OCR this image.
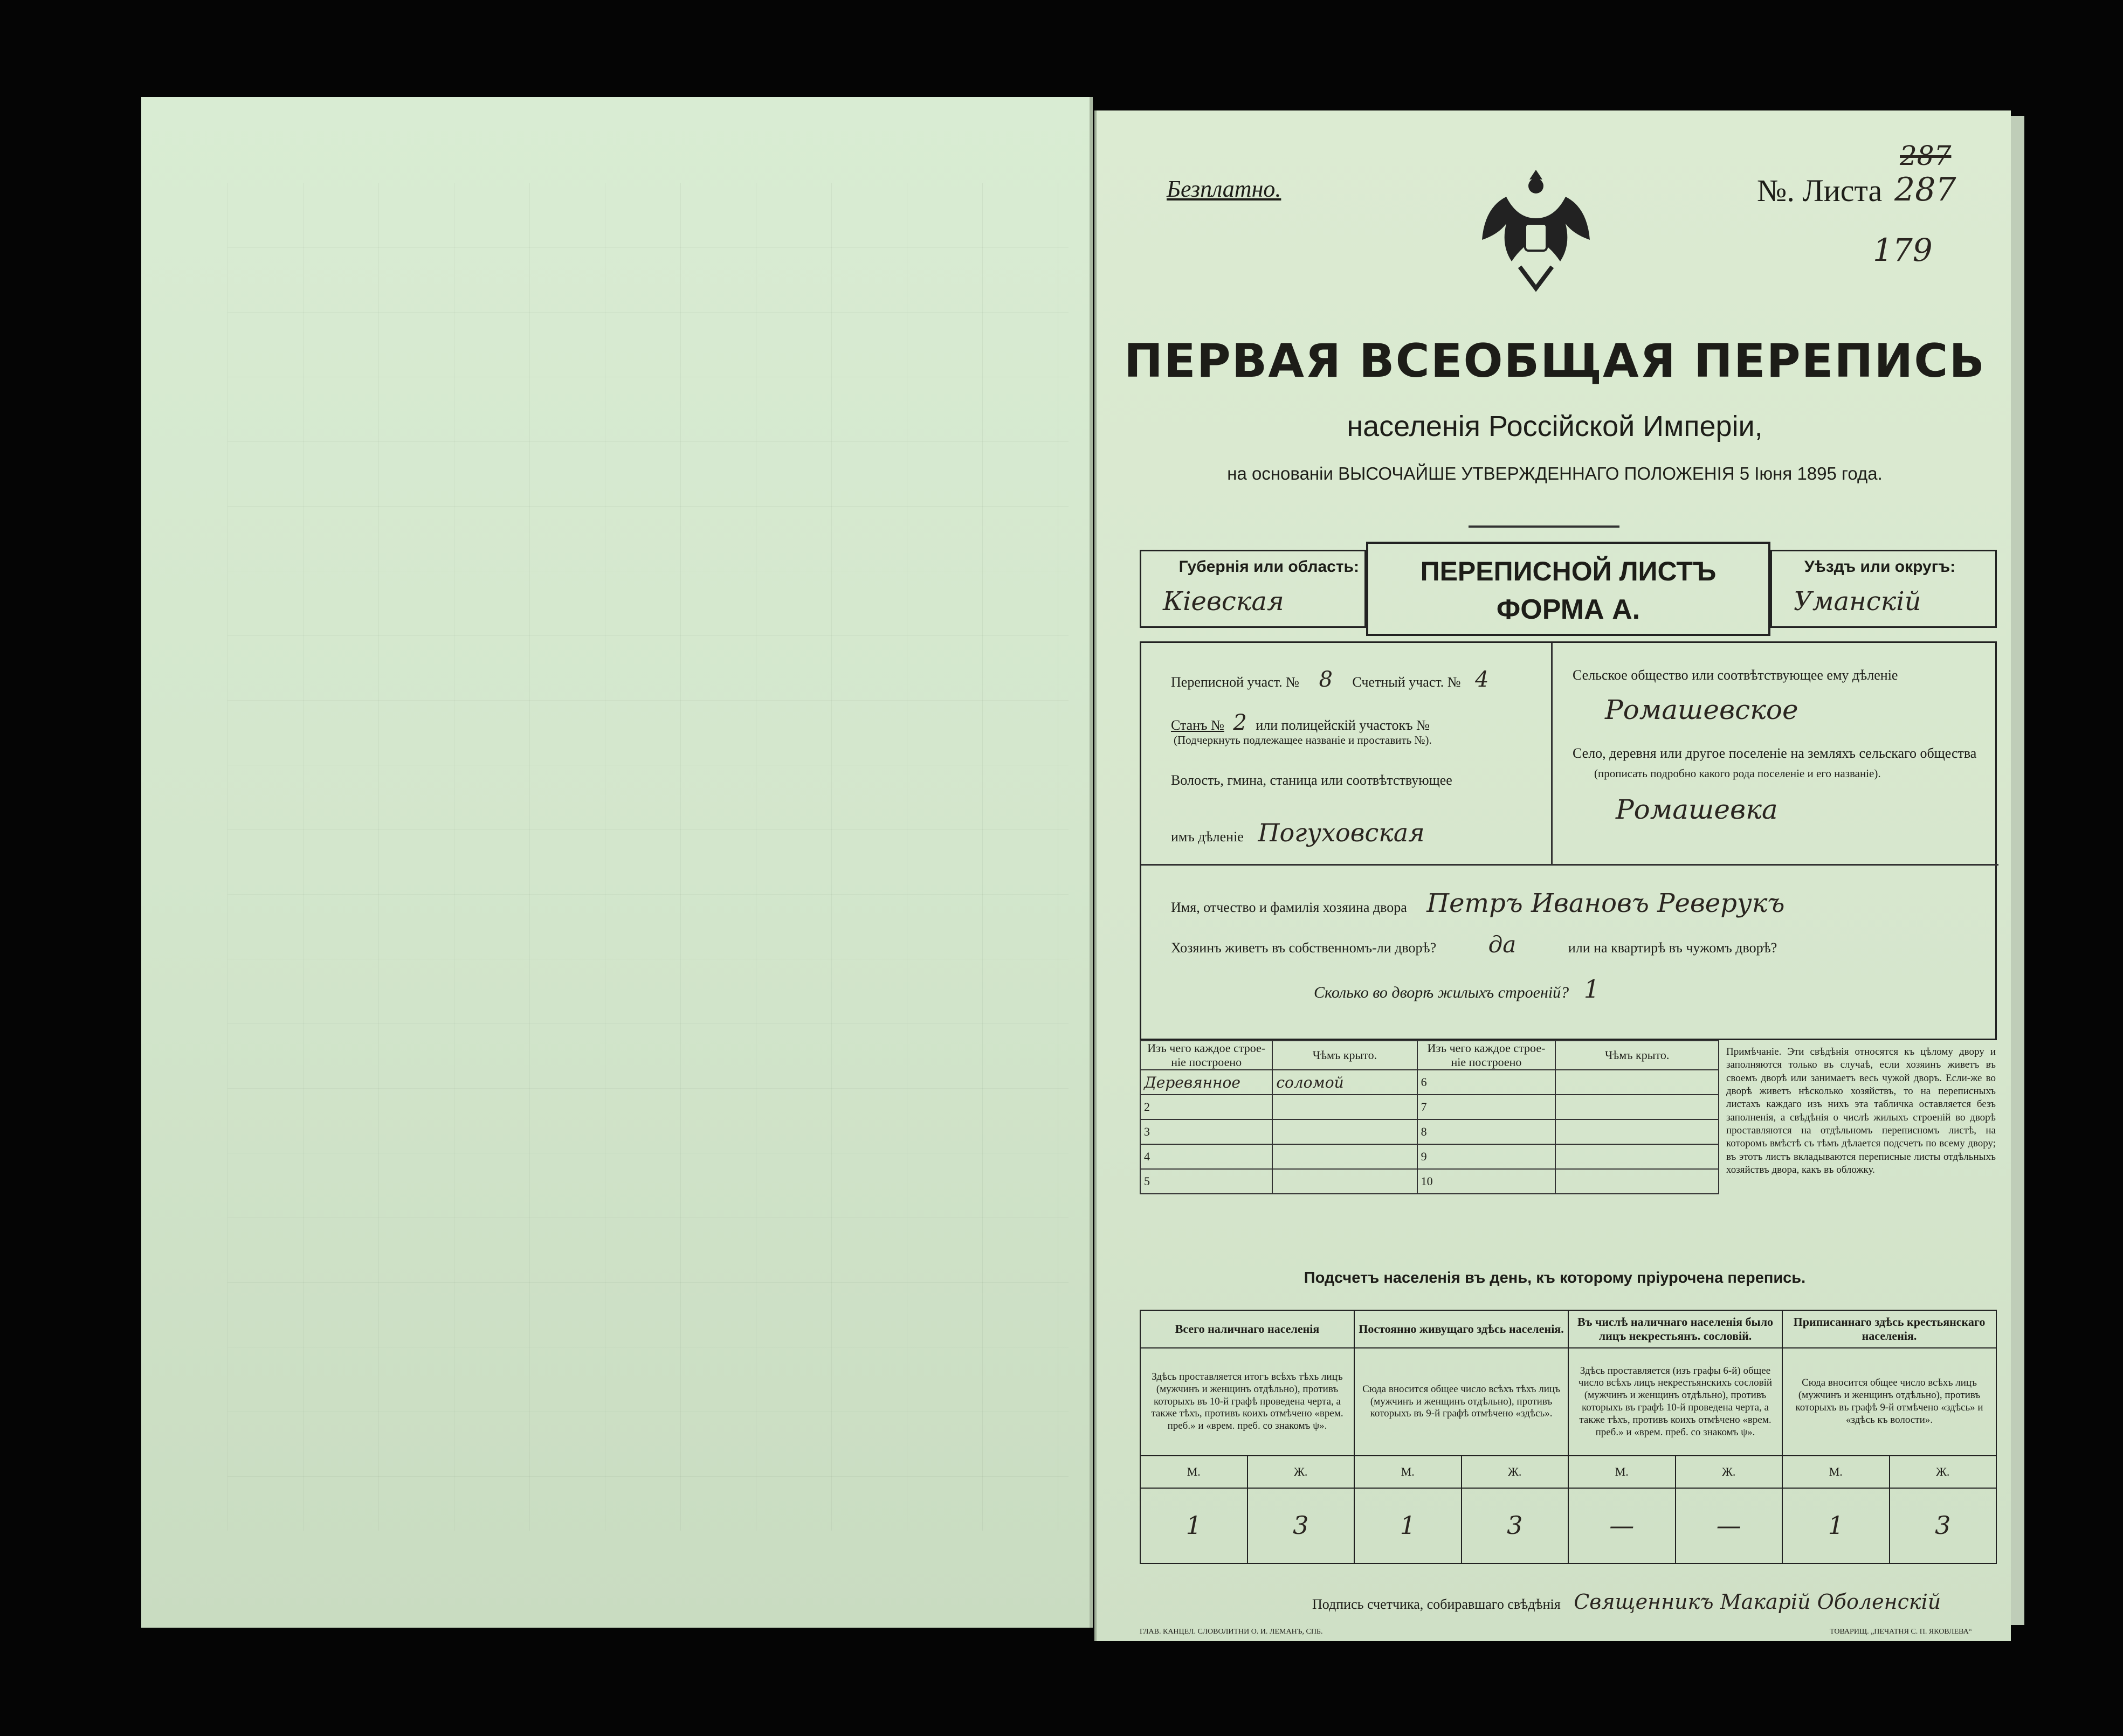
Безплатно.	№. Листа
287
287
179
ПЕРВАЯ ВСЕОБЩАЯ ПЕРЕПИСЬ
населенія Россійской Имперіи,
на основаніи ВЫСОЧАЙШЕ УТВЕРЖДЕННАГО ПОЛОЖЕНІЯ 5 Іюня 1895 года.
Губернія или область:
Кіевская
ПЕРЕПИСНОЙ ЛИСТЪ
ФОРМА А.
Уѣздъ или округъ:
Уманскій
Переписной участ. № 8 Счетный участ. № 4
Станъ № 2 или полицейскій участокъ №
(Подчеркнуть подлежащее названіе и проставить №).
Волость, гмина, станица или соотвѣтствующее
имъ дѣленіе Погуховская
Сельское общество или соотвѣтствующее ему дѣленіе
Ромашевское
Село, деревня или другое поселеніе на земляхъ сельскаго общества
(прописать подробно какого рода поселеніе и его названіе).
Ромашевка
Имя, отчество и фамилія хозяина двора Петръ Ивановъ Реверукъ
Хозяинъ живетъ въ собственномъ-ли дворѣ? да	или на квартирѣ въ чужомъ дворѣ?
Сколько во дворѣ жилыхъ строеній? 1
Изъ чего каждое строе-ніе построено	Чѣмъ крыто.	Изъ чего каждое строе-ніе построено	Чѣмъ крыто.
Деревянное	соломой	6	
2		7	
3		8	
4		9	
5		10	
Примѣчаніе. Эти свѣдѣнія относятся къ цѣлому двору и заполняются только въ случаѣ, если хозяинъ живетъ въ своемъ дворѣ или занимаетъ весь чужой дворъ. Если-же во дворѣ живетъ нѣсколько хозяйствъ, то на переписныхъ листахъ каждаго изъ нихъ эта табличка оставляется безъ заполненія, а свѣдѣнія о числѣ жилыхъ строеній во дворѣ проставляются на отдѣльномъ переписномъ листѣ, на которомъ вмѣстѣ съ тѣмъ дѣлается подсчетъ по всему двору; въ этотъ листъ вкладываются переписные листы отдѣльныхъ хозяйствъ двора, какъ въ обложку.
Подсчетъ населенія въ день, къ которому пріурочена перепись.
Всего наличнаго населенія		Постоянно живущаго здѣсь населенія.		Въ числѣ наличнаго населенія было лицъ некрестьянъ. сословій.		Приписаннаго здѣсь крестьянскаго населенія.	
Здѣсь проставляется итогъ всѣхъ тѣхъ лицъ (мужчинъ и женщинъ отдѣльно), противъ которыхъ въ 10-й графѣ проведена черта, а также тѣхъ, противъ коихъ отмѣчено «врем. преб.» и «врем. преб. со знакомъ ψ».		Сюда вносится общее число всѣхъ тѣхъ лицъ (мужчинъ и женщинъ отдѣльно), противъ которыхъ въ 9-й графѣ отмѣчено «здѣсь».		Здѣсь проставляется (изъ графы 6-й) общее число всѣхъ лицъ некрестьянскихъ сословій (мужчинъ и женщинъ отдѣльно), противъ которыхъ въ графѣ 10-й проведена черта, а также тѣхъ, противъ коихъ отмѣчено «врем. преб.» и «врем. преб. со знакомъ ψ».		Сюда вносится общее число всѣхъ лицъ (мужчинъ и женщинъ отдѣльно), противъ которыхъ въ графѣ 9-й отмѣчено «здѣсь» и «здѣсь къ волости».	
М.	Ж.	М.	Ж.	М.	Ж.	М.	Ж.
1	3	1	3	—	—	1	3
Подпись счетчика, собиравшаго свѣдѣнія Священникъ Макарій Оболенскій
ГЛАВ. КАНЦЕЛ. СЛОВОЛИТНИ О. И. ЛЕМАНЪ, СПБ.	ТОВАРИЩ. „ПЕЧАТНЯ С. П. ЯКОВЛЕВА“
